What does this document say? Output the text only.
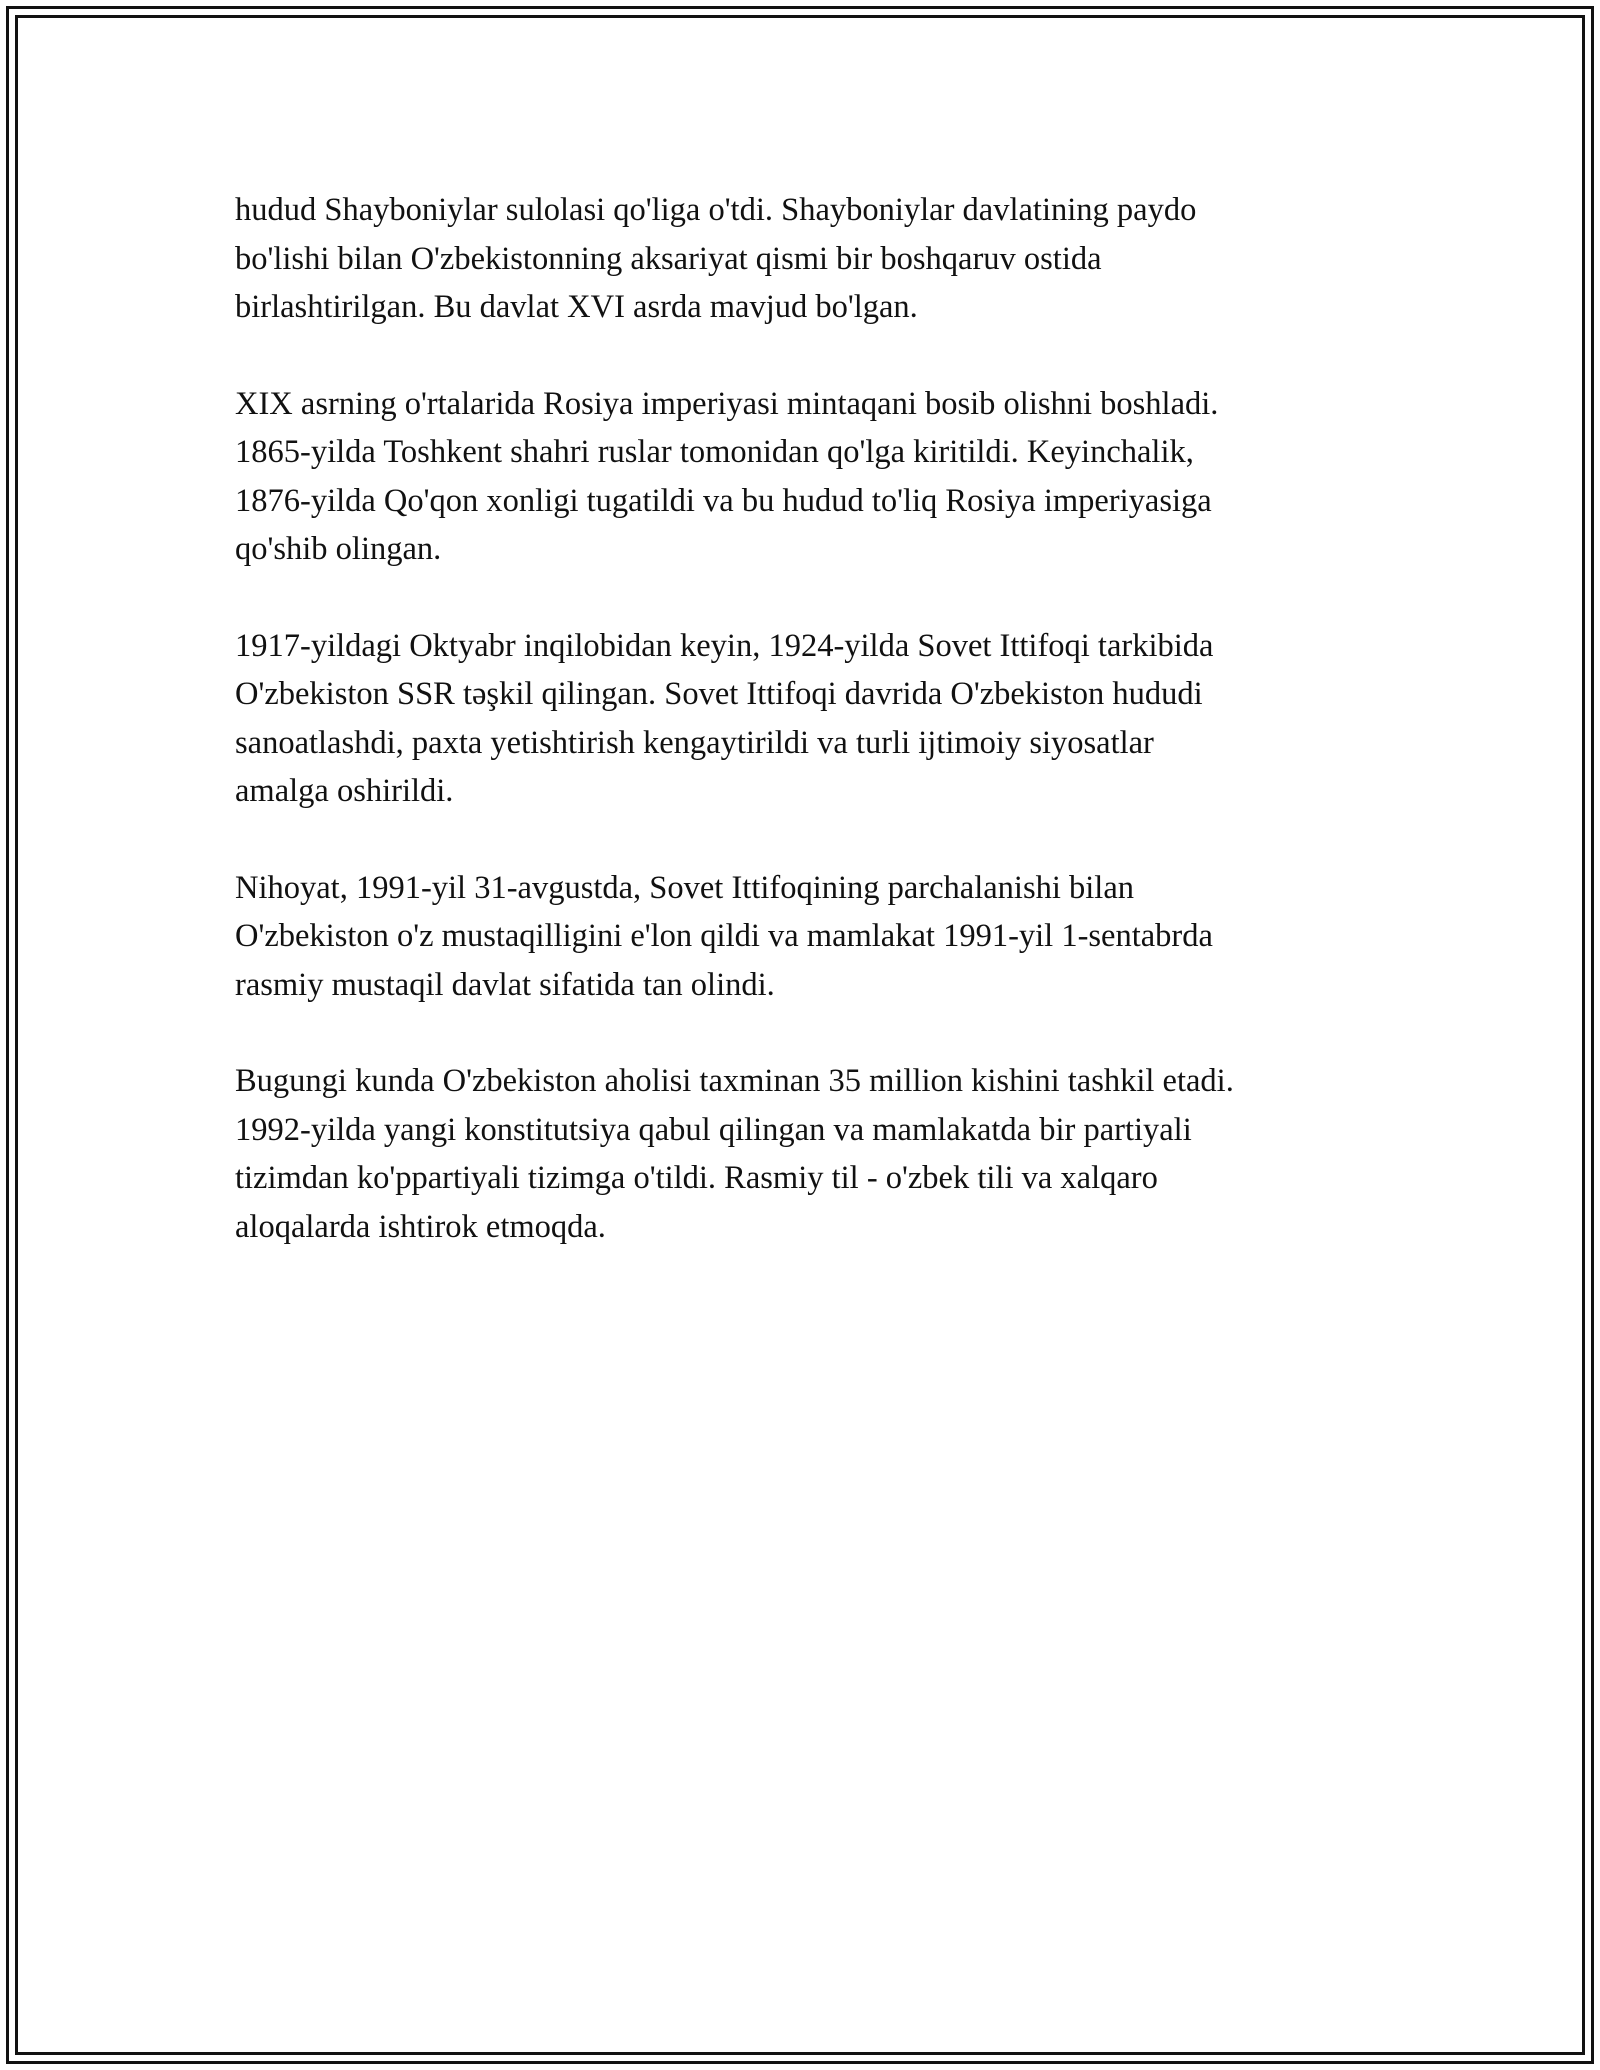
hudud Shayboniylar sulolasi qo'liga o'tdi. Shayboniylar davlatining paydo
bo'lishi bilan O'zbekistonning aksariyat qismi bir boshqaruv ostida
birlashtirilgan. Bu davlat XVI asrda mavjud bo'lgan.

XIX asrning o'rtalarida Rosiya imperiyasi mintaqani bosib olishni boshladi.
1865-yilda Toshkent shahri ruslar tomonidan qo'lga kiritildi. Keyinchalik,
1876-yilda Qo'qon xonligi tugatildi va bu hudud to'liq Rosiya imperiyasiga
qo'shib olingan.

1917-yildagi Oktyabr inqilobidan keyin, 1924-yilda Sovet Ittifoqi tarkibida
O'zbekiston SSR təşkil qilingan. Sovet Ittifoqi davrida O'zbekiston hududi
sanoatlashdi, paxta yetishtirish kengaytirildi va turli ijtimoiy siyosatlar
amalga oshirildi.

Nihoyat, 1991-yil 31-avgustda, Sovet Ittifoqining parchalanishi bilan
O'zbekiston o'z mustaqilligini e'lon qildi va mamlakat 1991-yil 1-sentabrda
rasmiy mustaqil davlat sifatida tan olindi.

Bugungi kunda O'zbekiston aholisi taxminan 35 million kishini tashkil etadi.
1992-yilda yangi konstitutsiya qabul qilingan va mamlakatda bir partiyali
tizimdan ko'ppartiyali tizimga o'tildi. Rasmiy til - o'zbek tili va xalqaro
aloqalarda ishtirok etmoqda.
